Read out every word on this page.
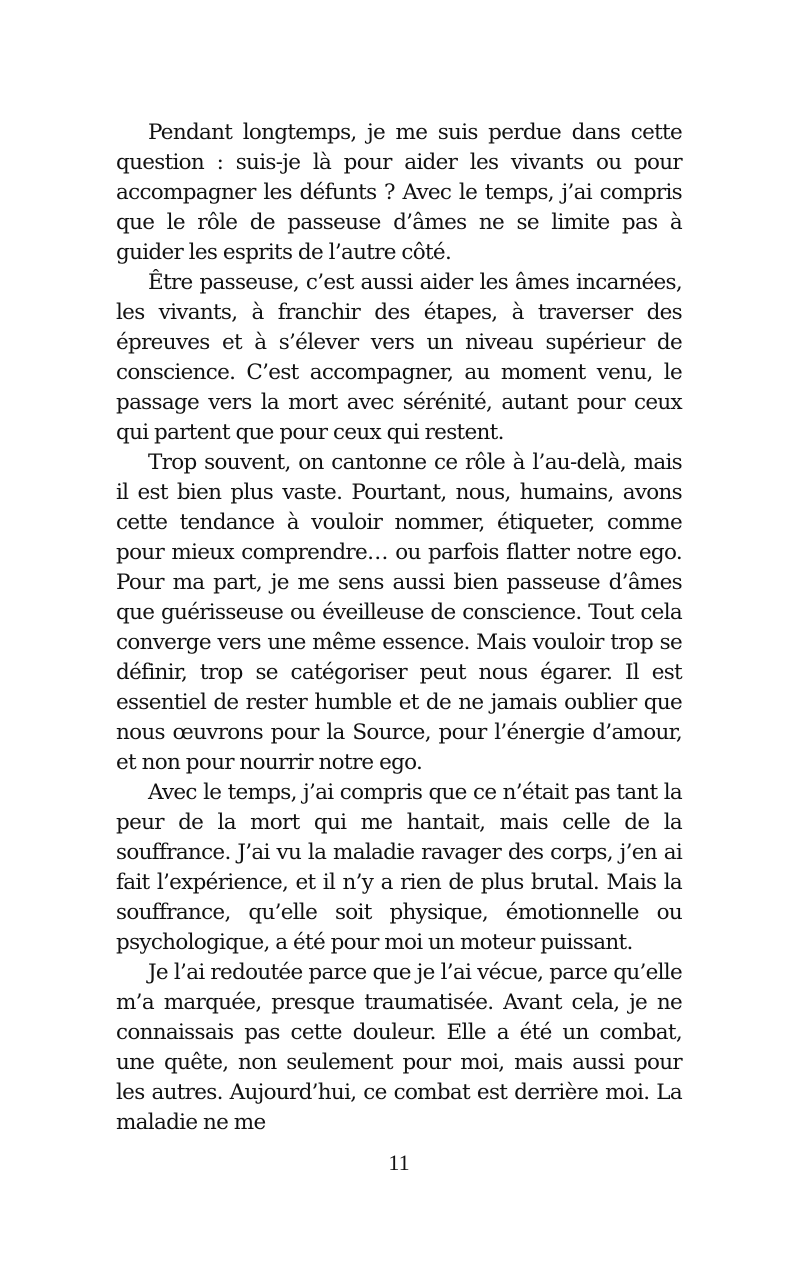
Pendant longtemps, je me suis perdue dans cette question : suis-je là pour aider les vivants ou pour accompagner les défunts ? Avec le temps, j’ai compris que le rôle de passeuse d’âmes ne se limite pas à guider les esprits de l’autre côté.

Être passeuse, c’est aussi aider les âmes incarnées, les vivants, à franchir des étapes, à traverser des épreuves et à s’élever vers un niveau supérieur de conscience. C’est accompagner, au moment venu, le passage vers la mort avec sérénité, autant pour ceux qui partent que pour ceux qui restent.

Trop souvent, on cantonne ce rôle à l’au-delà, mais il est bien plus vaste. Pourtant, nous, humains, avons cette tendance à vouloir nommer, étiqueter, comme pour mieux comprendre… ou parfois flatter notre ego. Pour ma part, je me sens aussi bien passeuse d’âmes que guérisseuse ou éveilleuse de conscience. Tout cela converge vers une même essence. Mais vouloir trop se définir, trop se catégoriser peut nous égarer. Il est essentiel de rester humble et de ne jamais oublier que nous œuvrons pour la Source, pour l’énergie d’amour, et non pour nourrir notre ego.

Avec le temps, j’ai compris que ce n’était pas tant la peur de la mort qui me hantait, mais celle de la souffrance. J’ai vu la maladie ravager des corps, j’en ai fait l’expérience, et il n’y a rien de plus brutal. Mais la souffrance, qu’elle soit physique, émotionnelle ou psychologique, a été pour moi un moteur puissant.

Je l’ai redoutée parce que je l’ai vécue, parce qu’elle m’a marquée, presque traumatisée. Avant cela, je ne connaissais pas cette douleur. Elle a été un combat, une quête, non seulement pour moi, mais aussi pour les autres. Aujourd’hui, ce combat est derrière moi. La maladie ne me

11
